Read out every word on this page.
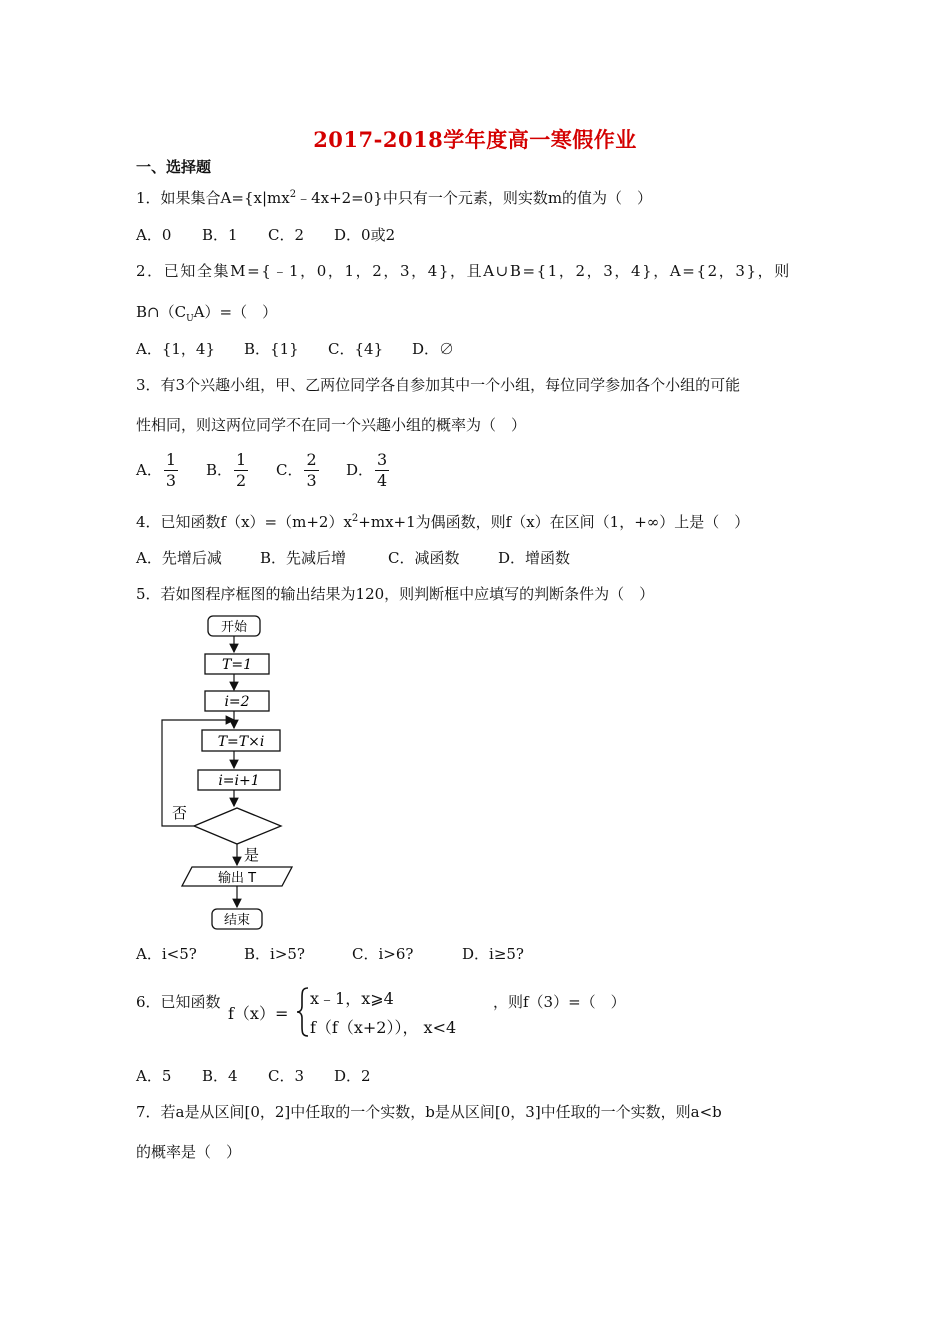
2017-2018学年度高一寒假作业
一、选择题
1．如果集合$A=\{x|mx^2﹣4x+2=0\}$中只有一个元素，则实数m的值为（　）
A．0 B．1 C．2 D．0或2
2．已知全集M={﹣1，0，1，2，3，4}，且A∪B={1，2，3，4}，A={2，3}，则
$B\cap(C_UA)=$（　）
A．{1，4} B．{1} C．{4} D．∅
3．有3个兴趣小组，甲、乙两位同学各自参加其中一个小组，每位同学参加各个小组的可能
性相同，则这两位同学不在同一个兴趣小组的概率为（　）
A． $\frac{1}{3}$ B． $\frac{1}{2}$ C． $\frac{2}{3}$ D． $\frac{3}{4}$
4．已知函数$f(x)=(m+2)x^2+mx+1$为偶函数，则f（x）在区间（1，+∞）上是（　）
A．先增后减	B．先减后增	C．减函数	D．增函数
5．若如图程序框图的输出结果为120，则判断框中应填写的判断条件为（　）
开始
T=1
i=2
T=T×i
i=i+1
否
是
输出 T
结束
A．i<5?	B．i>5?	C．i>6?	D．i≥5?
6．已知函数
f（x）=
x﹣1，x⩾4
f（f（x+2））， x<4
，则f（3）=（　）
A．5 B．4 C．3 D．2
7．若a是从区间[0，2]中任取的一个实数，b是从区间[0，3]中任取的一个实数，则a<b
的概率是（　）
